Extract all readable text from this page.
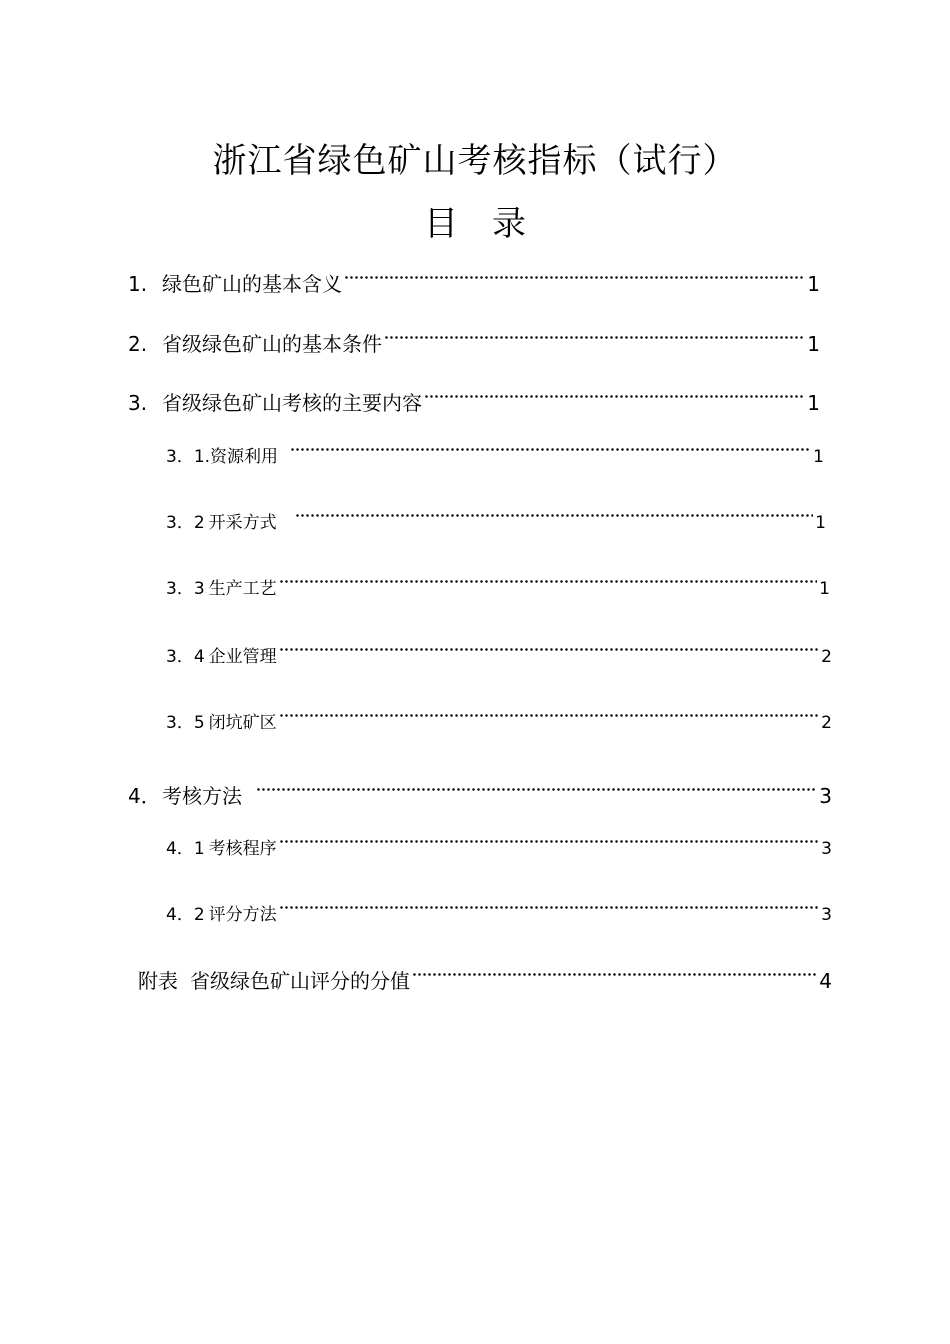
浙江省绿色矿山考核指标（试行）
目　录
1. 绿色矿山的基本含义	1
2. 省级绿色矿山的基本条件	1
3. 省级绿色矿山考核的主要内容	1
3．1. 资源利用	1
3．2 开采方式	1
3．3 生产工艺	1
3．4 企业管理	2
3．5 闭坑矿区	2
4． 考核方法	3
4．1 考核程序	3
4．2 评分方法	3
附表 省级绿色矿山评分的分值	4
